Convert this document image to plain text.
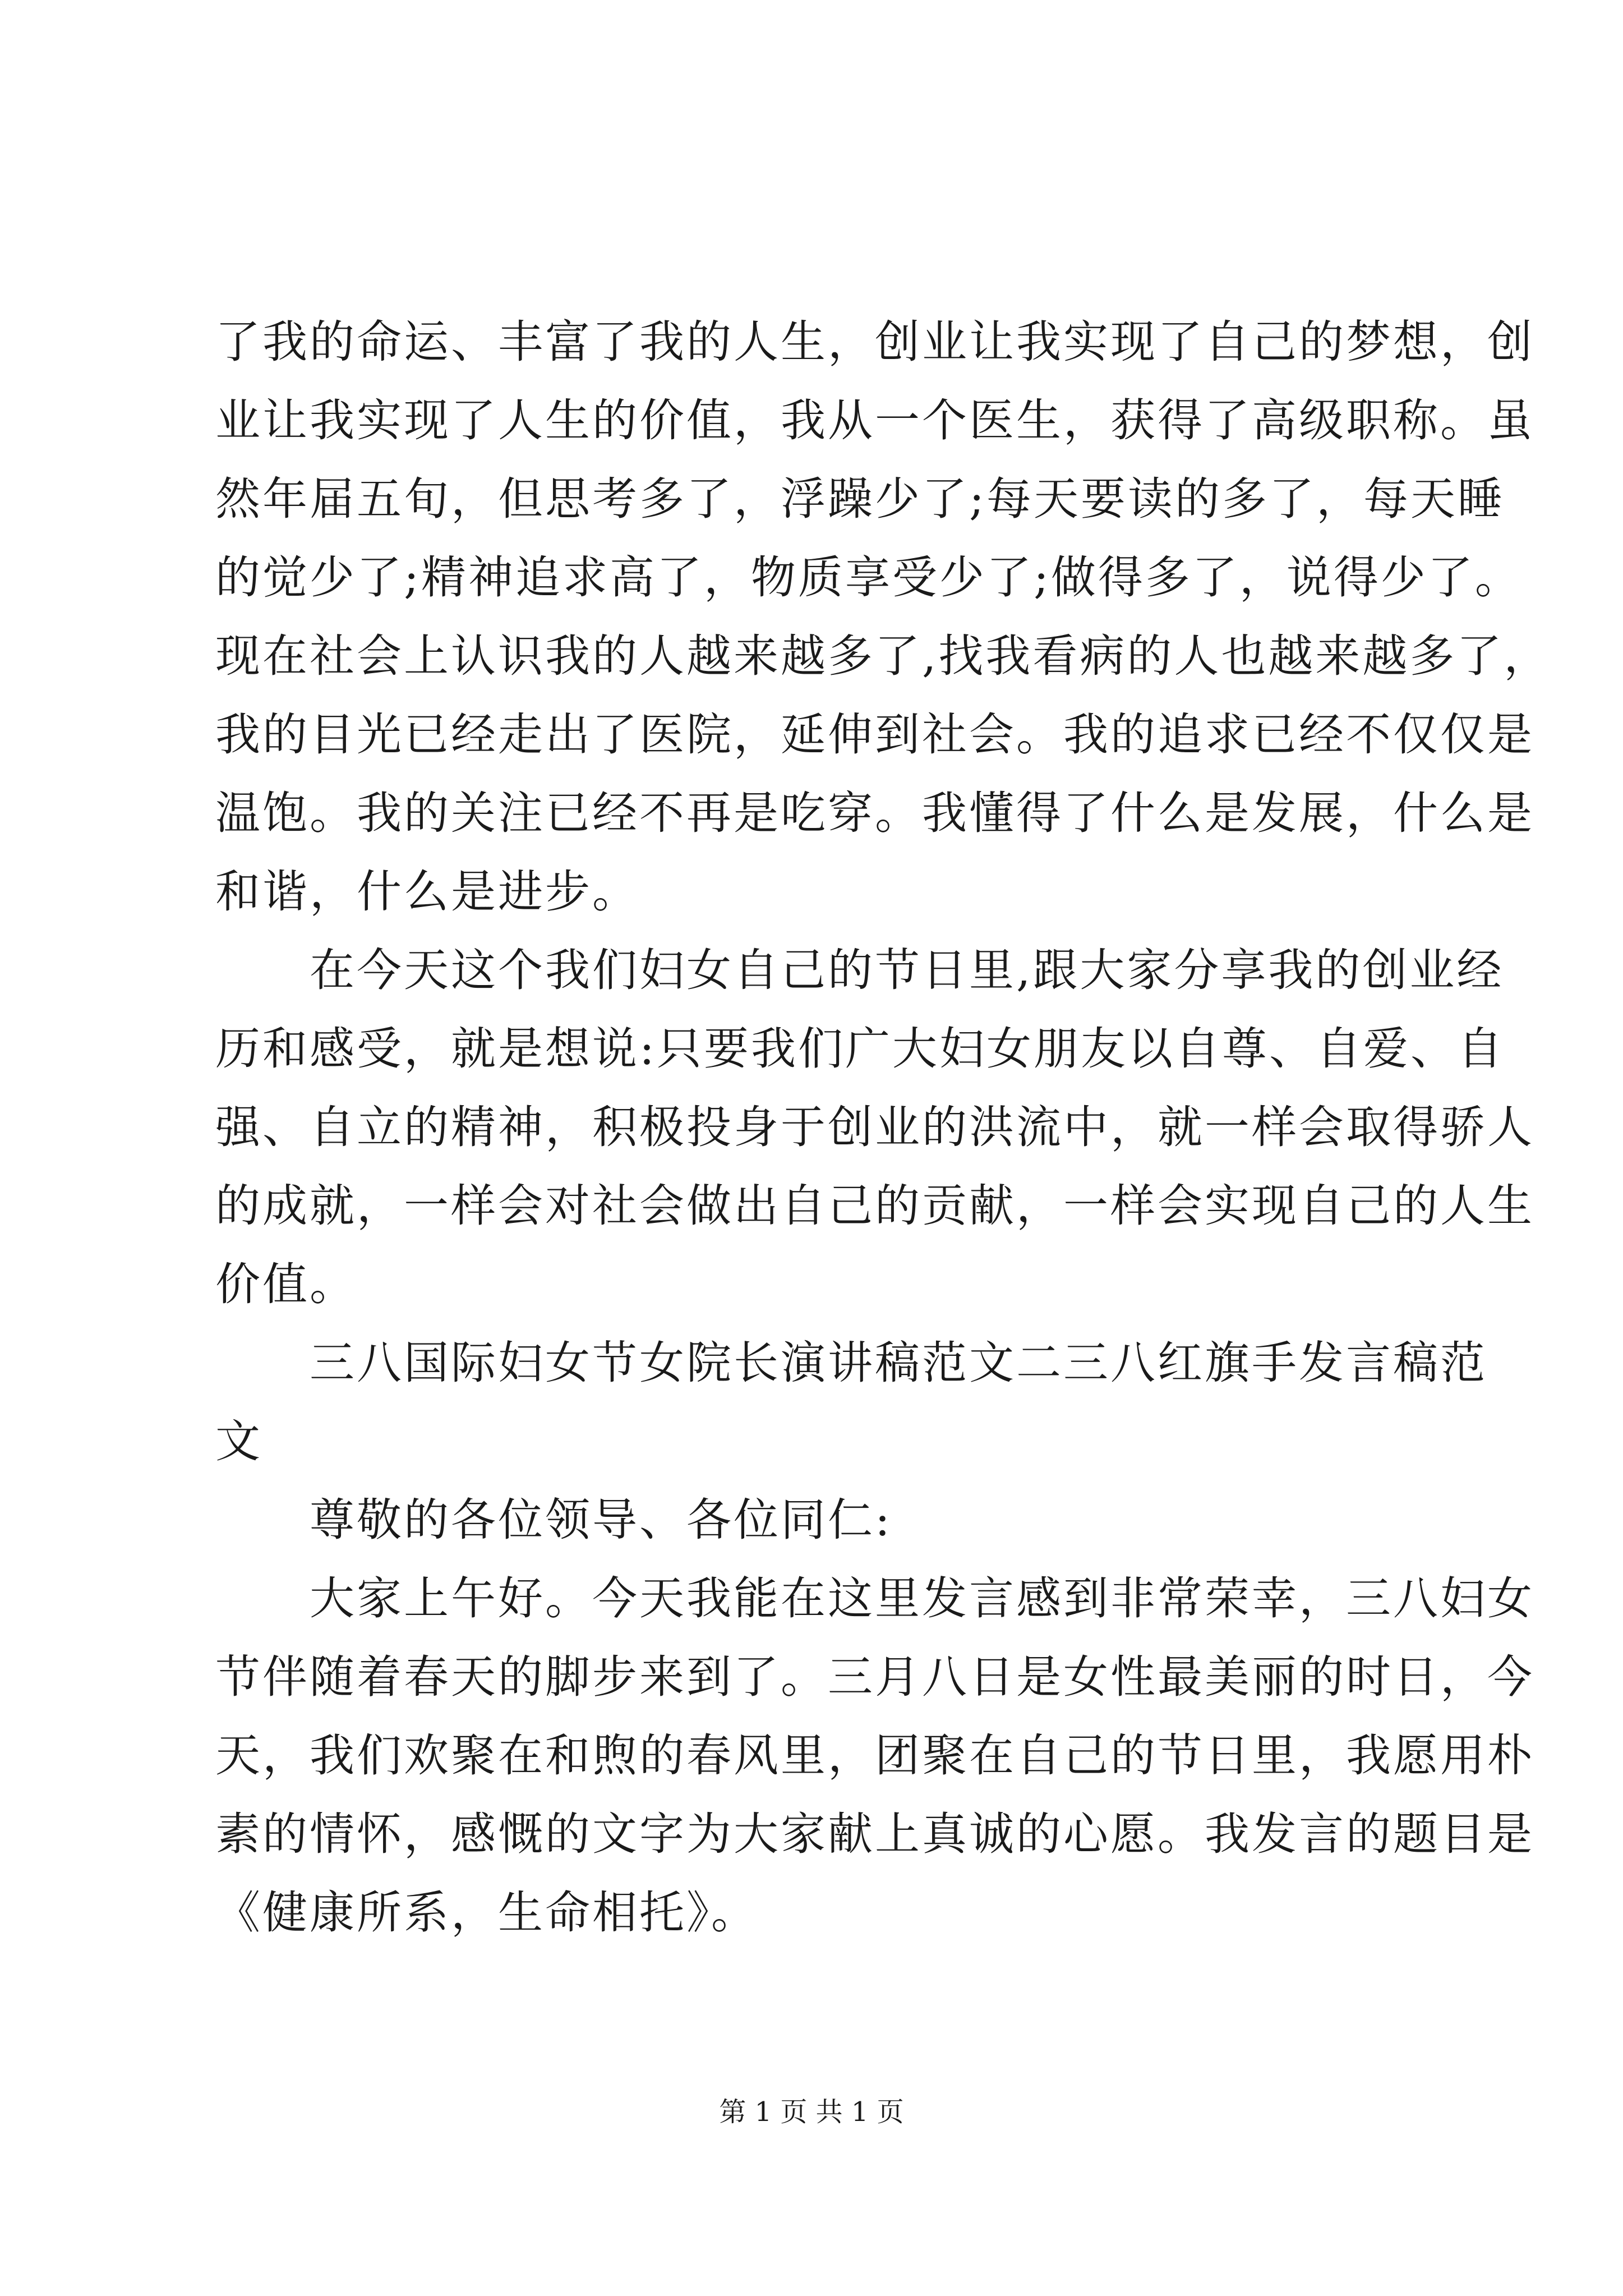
了我的命运、丰富了我的人生，创业让我实现了自己的梦想，创
业让我实现了人生的价值，我从一个医生，获得了高级职称。虽
然年届五旬，但思考多了，浮躁少了;每天要读的多了，每天睡
的觉少了;精神追求高了，物质享受少了;做得多了，说得少了。
现在社会上认识我的人越来越多了,找我看病的人也越来越多了，
我的目光已经走出了医院，延伸到社会。我的追求已经不仅仅是
温饱。我的关注已经不再是吃穿。我懂得了什么是发展，什么是
和谐，什么是进步。
在今天这个我们妇女自己的节日里,跟大家分享我的创业经
历和感受，就是想说:只要我们广大妇女朋友以自尊、自爱、自
强、自立的精神，积极投身于创业的洪流中，就一样会取得骄人
的成就，一样会对社会做出自己的贡献，一样会实现自己的人生
价值。
三八国际妇女节女院长演讲稿范文二三八红旗手发言稿范
文
尊敬的各位领导、各位同仁:
大家上午好。今天我能在这里发言感到非常荣幸，三八妇女
节伴随着春天的脚步来到了。三月八日是女性最美丽的时日，今
天，我们欢聚在和煦的春风里，团聚在自己的节日里，我愿用朴
素的情怀，感慨的文字为大家献上真诚的心愿。我发言的题目是
《健康所系，生命相托》。
第 1 页 共 1 页
